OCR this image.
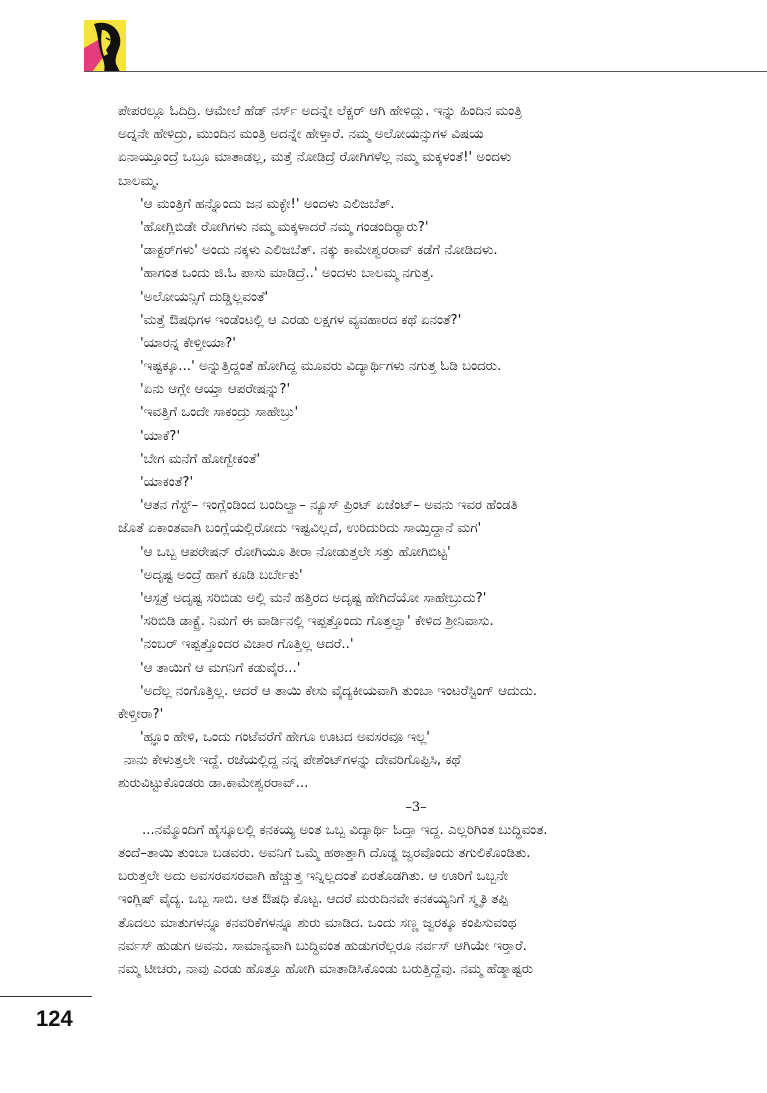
ಪೇಪರಲ್ಲೂ ಓದಿದ್ರಿ. ಆಮೇಲೆ ಹೆಡ್ ನರ್ಸ್ ಅದನ್ನೇ ಲೆಕ್ಚರ್ ಆಗಿ ಹೇಳಿದ್ಲು. ಇನ್ನು ಹಿಂದಿನ ಮಂತ್ರಿ
ಅದ್ನನೇ ಹೇಳಿದ್ರು, ಮುಂದಿನ ಮಂತ್ರಿ ಅದನ್ನೇ ಹೇಳ್ತಾರೆ. ನಮ್ಮ ಅಲೋಯನ್ಸುಗಳ ವಿಷಯ
ಏನಾಯ್ತೂಂದ್ರೆ ಒಬ್ರೂ ಮಾತಾಡಲ್ಲ, ಮತ್ತೆ ನೋಡಿದ್ರೆ ರೋಗಿಗಳೆಲ್ಲ ನಮ್ಮ ಮಕ್ಕಳಂತೆ!' ಅಂದಳು
ಬಾಲಮ್ಮ.
'ಆ ಮಂತ್ರಿಗೆ ಹನ್ನೊಂದು ಜನ ಮಕ್ಳೇ!' ಅಂದಳು ಎಲಿಜಬೆತ್.
'ಹೋಗ್ಲಿಬಿಡೇ ರೋಗಿಗಳು ನಮ್ಮ ಮಕ್ಕಳಾದರೆ ನಮ್ಮ ಗಂಡಂದಿರ್‍ಯಾರು?'
'ಡಾಕ್ಟರ್‌ಗಳು' ಅಂದು ನಕ್ಕಳು ಎಲಿಜಬೆತ್. ನಕ್ಕು ಕಾಮೇಶ್ವರರಾವ್ ಕಡೆಗೆ ನೋಡಿದಳು.
'ಹಾಗಂತ ಒಂದು ಜಿ.ಓ ಪಾಸು ಮಾಡಿದ್ರೆ..' ಅಂದಳು ಬಾಲಮ್ಮ ನಗುತ್ತ.
'ಅಲೋಯನ್ಸಿಗೆ ದುಡ್ಡಿಲ್ಲವಂತೆ'
'ಮತ್ತೆ ಔಷಧಿಗಳ ಇಂಡೆಂಟಲ್ಲಿ ಆ ಎರಡು ಲಕ್ಷಗಳ ವ್ಯವಹಾರದ ಕಥೆ ಏನಂತೆ?'
'ಯಾರನ್ನ ಕೇಳ್ತೀಯಾ?'
'ಇಷ್ಟಕ್ಕೂ...' ಅನ್ನುತ್ತಿದ್ದಂತೆ ಹೋಗಿದ್ದ ಮೂವರು ವಿದ್ಯಾರ್ಥಿಗಳು ನಗುತ್ತ ಓಡಿ ಬಂದರು.
'ಏನು ಆಗ್ಲೇ ಆಯ್ತಾ ಆಪರೇಷನ್ನು?'
'ಇವತ್ತಿಗೆ ಒಂದೇ ಸಾಕಂದ್ರು ಸಾಹೇಬ್ರು'
'ಯಾಕೆ?'
'ಬೇಗ ಮನೆಗೆ ಹೋಗ್ಬೇಕಂತೆ'
'ಯಾಕಂತೆ?'
'ಆತನ ಗೆಸ್ಟ್– ಇಂಗ್ಲೆಂಡಿಂದ ಬಂದಿಲ್ವಾ– ನ್ಯೂಸ್ ಪ್ರಿಂಟ್ ಏಜೆಂಟ್– ಅವನು ಇವರ ಹೆಂಡತಿ
ಜೊತೆ ಏಕಾಂತವಾಗಿ ಬಂಗ್ಲೆಯಲ್ಲಿರೋದು ಇಷ್ಟವಿಲ್ಲದೆ, ಉರಿದುರಿದು ಸಾಯ್ತಿದ್ದಾನೆ ಮಗ'
'ಆ ಒಬ್ಬ ಆಪರೇಷನ್ ರೋಗಿಯೂ ತೀರಾ ನೋಡುತ್ತಲೇ ಸತ್ತು ಹೋಗಿಬಿಟ್ಟ'
'ಅದೃಷ್ಟ ಅಂದ್ರೆ ಹಾಗೆ ಕೂಡಿ ಬರ್ಬೇಕು'
'ಆಸ್ಪತ್ರೆ ಅದೃಷ್ಟ ಸರಿಬಿಡು ಅಲ್ಲಿ ಮನೆ ಹತ್ತಿರದ ಅದೃಷ್ಟ ಹೇಗಿದೆಯೋ ಸಾಹೇಬ್ರುದು?'
'ಸರಿಬಿಡಿ ಡಾಕ್ಟ್ರೆ. ನಿಮಗೆ ಈ ವಾರ್ಡಿನಲ್ಲಿ ಇಪ್ಪತ್ತೊಂದು ಗೊತ್ತಲ್ವಾ' ಕೇಳಿದ ಶ್ರೀನಿವಾಸು.
'ನಂಬರ್ ಇಪ್ಪತ್ತೊಂದರ ವಿಚಾರ ಗೊತ್ತಿಲ್ಲ ಆದರೆ..'
'ಆ ತಾಯಿಗೆ ಆ ಮಗನಿಗೆ ಕಡುವೈರ...'
'ಅದೆಲ್ಲ ನಂಗೊತ್ತಿಲ್ಲ. ಆದರೆ ಆ ತಾಯಿ ಕೇಸು ವೈದ್ಯಕೀಯವಾಗಿ ತುಂಬಾ ಇಂಟರೆಸ್ಟಿಂಗ್ ಆದುದು.
ಕೇಳ್ತೀರಾ?'
'ಹ್ಞೂಂ ಹೇಳಿ, ಒಂದು ಗಂಟೆವರೆಗೆ ಹೇಗೂ ಊಟದ ಅವಸರವೂ ಇಲ್ಲ'
ನಾನು ಕೇಳುತ್ತಲೇ ಇದ್ದೆ. ರಜೆಯಲ್ಲಿದ್ದ ನನ್ನ ಪೇಶೆಂಟ್‌ಗಳನ್ನು ದೇವರಿಗೊಪ್ಪಿಸಿ, ಕಥೆ
ಶುರುವಿಟ್ಟುಕೊಂಡರು ಡಾ.ಕಾಮೇಶ್ವರರಾವ್...
–3–
...ನಮ್ಮೊಂದಿಗೆ ಹೈಸ್ಕೂಲಲ್ಲಿ ಕನಕಯ್ಯ ಅಂತ ಒಬ್ಬ ವಿದ್ಯಾರ್ಥಿ ಓದ್ತಾ ಇದ್ದ. ಎಲ್ಲರಿಗಿಂತ ಬುದ್ಧಿವಂತ.
ತಂದೆ–ತಾಯಿ ತುಂಬಾ ಬಡವರು. ಅವನಿಗೆ ಒಮ್ಮೆ ಹಠಾತ್ತಾಗಿ ದೊಡ್ಡ ಜ್ವರವೊಂದು ತಗುಲಿಕೊಂಡಿತು.
ಬರುತ್ತಲೇ ಅದು ಅವಸರವಸರವಾಗಿ ಹೆಚ್ಚುತ್ತ ಇನ್ನಿಲ್ಲದಂತೆ ಏರತೊಡಗಿತು. ಆ ಊರಿಗೆ ಒಬ್ಬನೇ
ಇಂಗ್ಲಿಷ್ ವೈದ್ಯ. ಒಬ್ಬ ಸಾಬಿ. ಆತ ಔಷಧಿ ಕೊಟ್ಟ. ಆದರೆ ಮರುದಿನವೇ ಕನಕಯ್ಯನಿಗೆ ಸ್ಮೃತಿ ತಪ್ಪಿ
ತೊದಲು ಮಾತುಗಳನ್ನೂ ಕನವರಿಕೆಗಳನ್ನೂ ಶುರು ಮಾಡಿದ. ಒಂದು ಸಣ್ಣ ಜ್ವರಕ್ಕೂ ಕಂಪಿಸುವಂಥ
ನರ್ವಸ್ ಹುಡುಗ ಅವನು. ಸಾಮಾನ್ಯವಾಗಿ ಬುದ್ಧಿವಂತ ಹುಡುಗರೆಲ್ಲರೂ ನರ್ವಸ್ ಆಗಿಯೇ ಇರ್‍ತಾರೆ.
ನಮ್ಮ ಟೀಚರು, ನಾವು ಎರಡು ಹೊತ್ತೂ ಹೋಗಿ ಮಾತಾಡಿಸಿಕೊಂಡು ಬರುತ್ತಿದ್ದೆವು. ನಮ್ಮ ಹೆಡ್ಮಾಷ್ಟರು
124
